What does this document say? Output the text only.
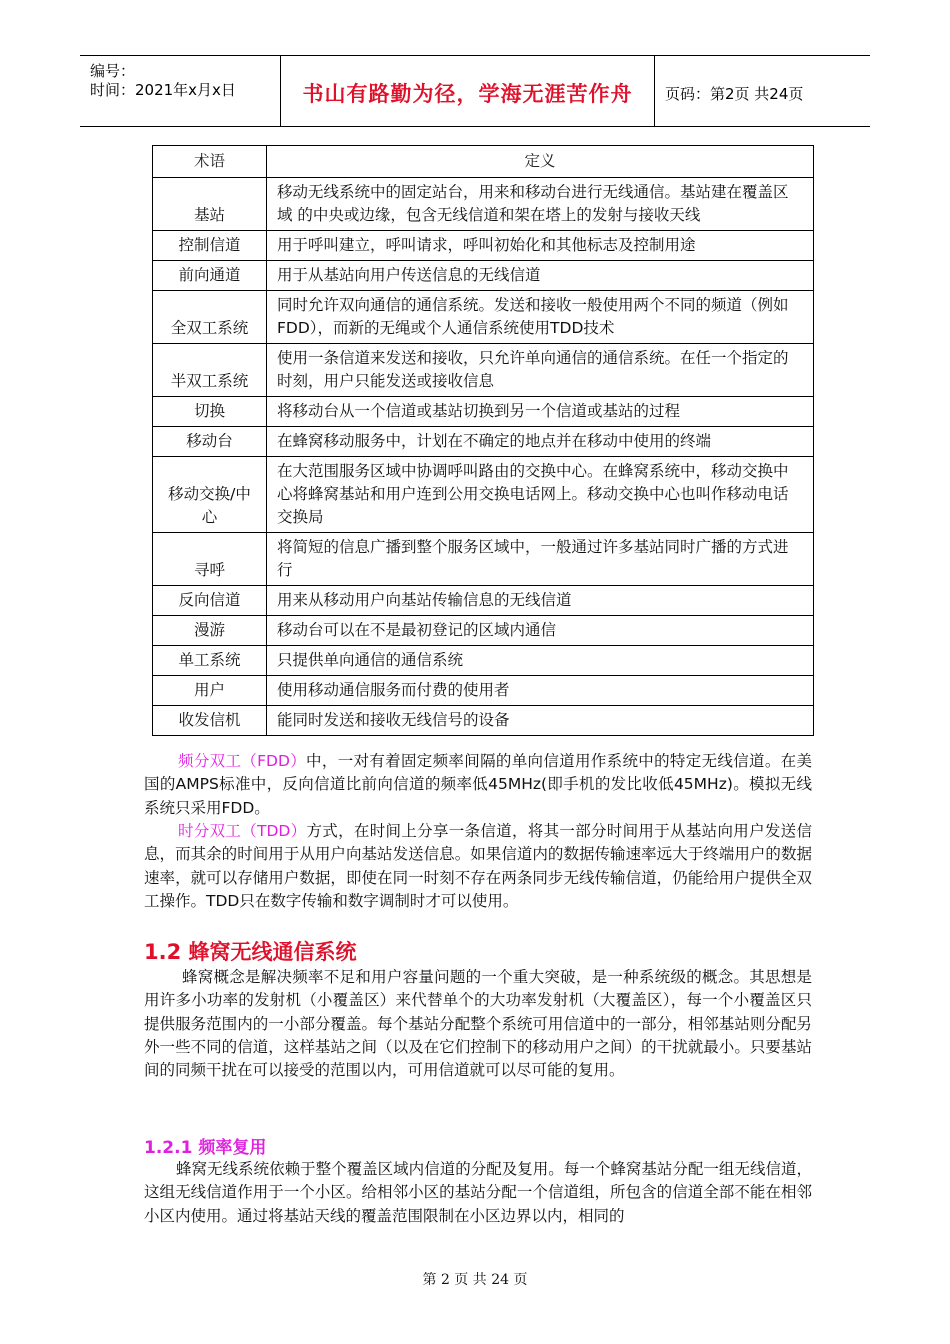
编号：
时间：2021年x月x日	书山有路勤为径，学海无涯苦作舟	页码：第2页 共24页
术语	定义
基站	移动无线系统中的固定站台，用来和移动台进行无线通信。基站建在覆盖区域 的中央或边缘，包含无线信道和架在塔上的发射与接收天线
控制信道	用于呼叫建立，呼叫请求，呼叫初始化和其他标志及控制用途
前向通道	用于从基站向用户传送信息的无线信道
全双工系统	同时允许双向通信的通信系统。发送和接收一般使用两个不同的频道（例如FDD），而新的无绳或个人通信系统使用TDD技术
半双工系统	使用一条信道来发送和接收，只允许单向通信的通信系统。在任一个指定的时刻，用户只能发送或接收信息
切换	将移动台从一个信道或基站切换到另一个信道或基站的过程
移动台	在蜂窝移动服务中，计划在不确定的地点并在移动中使用的终端
移动交换/中心	在大范围服务区域中协调呼叫路由的交换中心。在蜂窝系统中，移动交换中心将蜂窝基站和用户连到公用交换电话网上。移动交换中心也叫作移动电话交换局
寻呼	将简短的信息广播到整个服务区域中，一般通过许多基站同时广播的方式进行
反向信道	用来从移动用户向基站传输信息的无线信道
漫游	移动台可以在不是最初登记的区域内通信
单工系统	只提供单向通信的通信系统
用户	使用移动通信服务而付费的使用者
收发信机	能同时发送和接收无线信号的设备
频分双工（FDD）中，一对有着固定频率间隔的单向信道用作系统中的特定无线信道。在美国的AMPS标准中，反向信道比前向信道的频率低45MHz(即手机的发比收低45MHz)。模拟无线系统只采用FDD。
时分双工（TDD）方式，在时间上分享一条信道，将其一部分时间用于从基站向用户发送信息，而其余的时间用于从用户向基站发送信息。如果信道内的数据传输速率远大于终端用户的数据速率，就可以存储用户数据，即使在同一时刻不存在两条同步无线传输信道，仍能给用户提供全双工操作。TDD只在数字传输和数字调制时才可以使用。
1.2 蜂窝无线通信系统
蜂窝概念是解决频率不足和用户容量问题的一个重大突破，是一种系统级的概念。其思想是用许多小功率的发射机（小覆盖区）来代替单个的大功率发射机（大覆盖区），每一个小覆盖区只提供服务范围内的一小部分覆盖。每个基站分配整个系统可用信道中的一部分，相邻基站则分配另外一些不同的信道，这样基站之间（以及在它们控制下的移动用户之间）的干扰就最小。只要基站间的同频干扰在可以接受的范围以内，可用信道就可以尽可能的复用。
1.2.1 频率复用
蜂窝无线系统依赖于整个覆盖区域内信道的分配及复用。每一个蜂窝基站分配一组无线信道，这组无线信道作用于一个小区。给相邻小区的基站分配一个信道组，所包含的信道全部不能在相邻小区内使用。通过将基站天线的覆盖范围限制在小区边界以内，相同的
第 2 页 共 24 页
